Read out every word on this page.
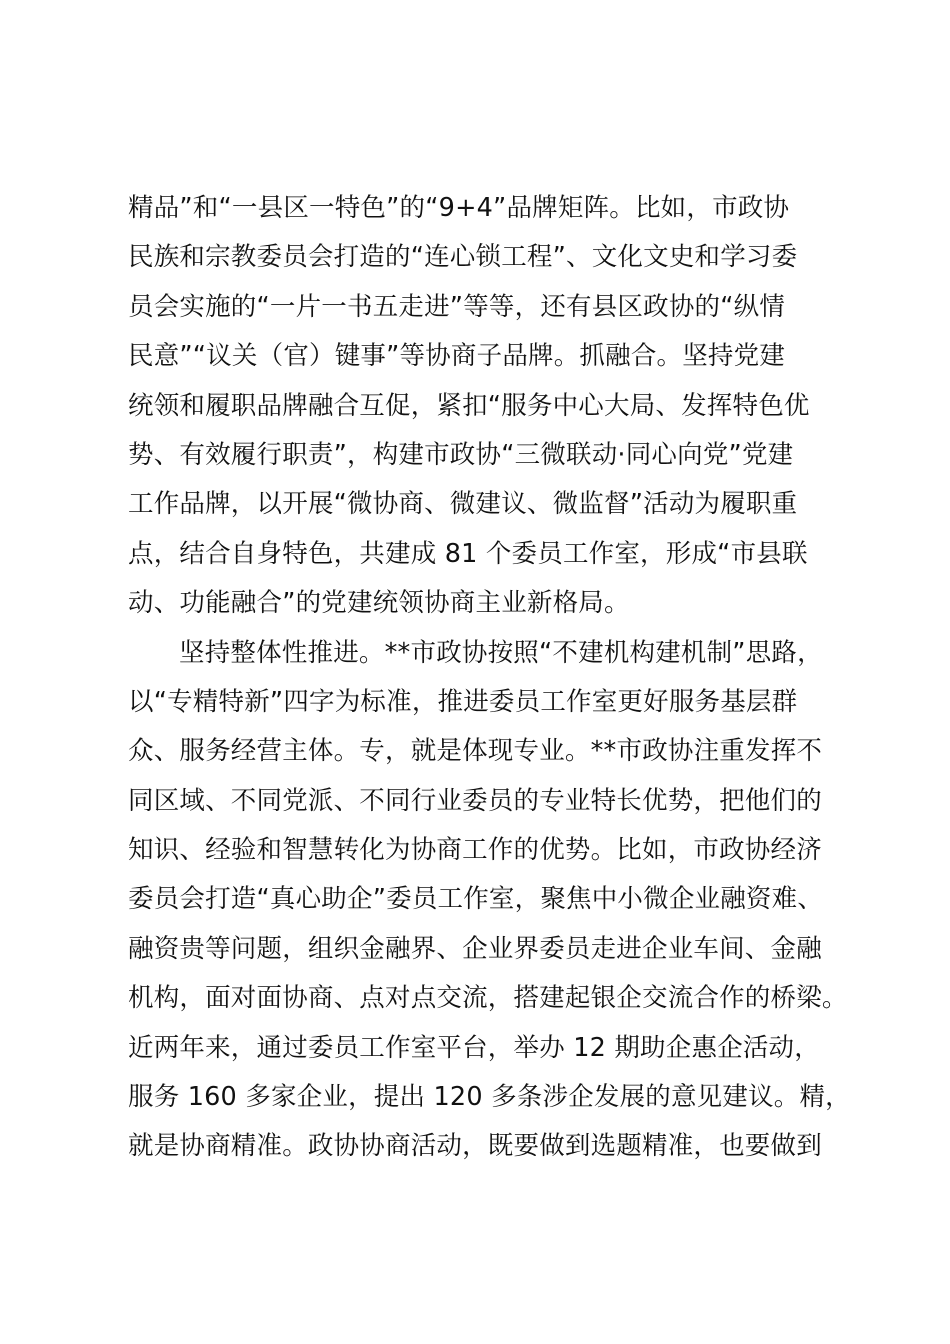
精品”和“一县区一特色”的“9+4”品牌矩阵。比如，市政协
民族和宗教委员会打造的“连心锁工程”、文化文史和学习委
员会实施的“一片一书五走进”等等，还有县区政协的“纵情
民意”“议关（官）键事”等协商子品牌。抓融合。坚持党建
统领和履职品牌融合互促，紧扣“服务中心大局、发挥特色优
势、有效履行职责”，构建市政协“三微联动·同心向党”党建
工作品牌，以开展“微协商、微建议、微监督”活动为履职重
点，结合自身特色，共建成 81 个委员工作室，形成“市县联
动、功能融合”的党建统领协商主业新格局。
坚持整体性推进。**市政协按照“不建机构建机制”思路，
以“专精特新”四字为标准，推进委员工作室更好服务基层群
众、服务经营主体。专，就是体现专业。**市政协注重发挥不
同区域、不同党派、不同行业委员的专业特长优势，把他们的
知识、经验和智慧转化为协商工作的优势。比如，市政协经济
委员会打造“真心助企”委员工作室，聚焦中小微企业融资难、
融资贵等问题，组织金融界、企业界委员走进企业车间、金融
机构，面对面协商、点对点交流，搭建起银企交流合作的桥梁。
近两年来，通过委员工作室平台，举办 12 期助企惠企活动，
服务 160 多家企业，提出 120 多条涉企发展的意见建议。精，
就是协商精准。政协协商活动，既要做到选题精准，也要做到
